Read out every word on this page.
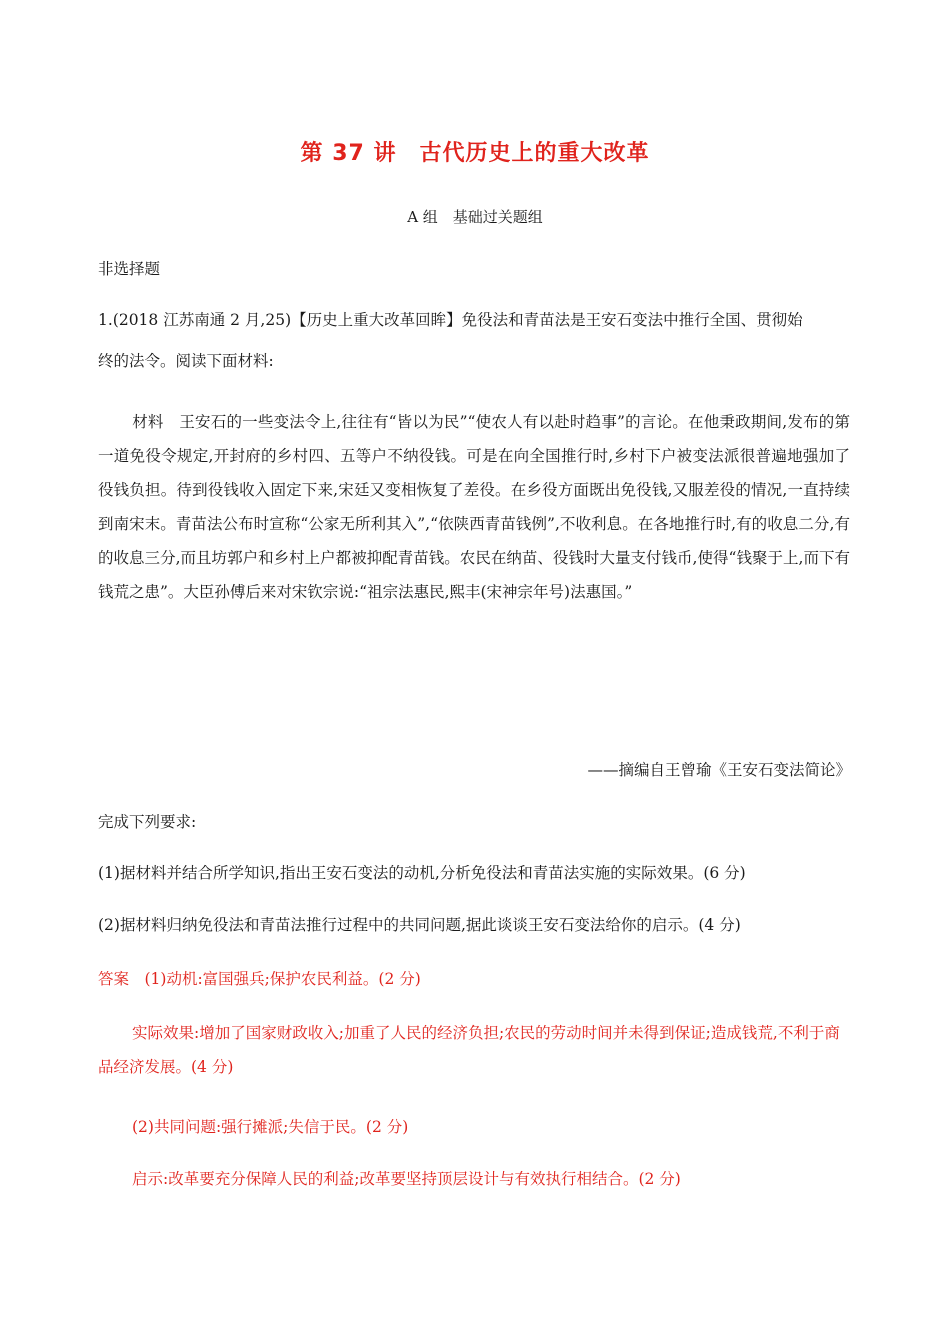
第 37 讲　古代历史上的重大改革
A 组　基础过关题组
非选择题
1.(2018 江苏南通 2 月,25)【历史上重大改革回眸】免役法和青苗法是王安石变法中推行全国、贯彻始
终的法令。阅读下面材料:
材料　王安石的一些变法令上,往往有“皆以为民”“使农人有以赴时趋事”的言论。在他秉政期间,发布的第一道免役令规定,开封府的乡村四、五等户不纳役钱。可是在向全国推行时,乡村下户被变法派很普遍地强加了役钱负担。待到役钱收入固定下来,宋廷又变相恢复了差役。在乡役方面既出免役钱,又服差役的情况,一直持续到南宋末。青苗法公布时宣称“公家无所利其入”,“依陕西青苗钱例”,不收利息。在各地推行时,有的收息二分,有的收息三分,而且坊郭户和乡村上户都被抑配青苗钱。农民在纳苗、役钱时大量支付钱币,使得“钱聚于上,而下有钱荒之患”。大臣孙傅后来对宋钦宗说:“祖宗法惠民,熙丰(宋神宗年号)法惠国。”
——摘编自王曾瑜《王安石变法简论》
完成下列要求:
(1)据材料并结合所学知识,指出王安石变法的动机,分析免役法和青苗法实施的实际效果。(6 分)
(2)据材料归纳免役法和青苗法推行过程中的共同问题,据此谈谈王安石变法给你的启示。(4 分)
答案　(1)动机:富国强兵;保护农民利益。(2 分)
实际效果:增加了国家财政收入;加重了人民的经济负担;农民的劳动时间并未得到保证;造成钱荒,不利于商品经济发展。(4 分)
(2)共同问题:强行摊派;失信于民。(2 分)
启示:改革要充分保障人民的利益;改革要坚持顶层设计与有效执行相结合。(2 分)
